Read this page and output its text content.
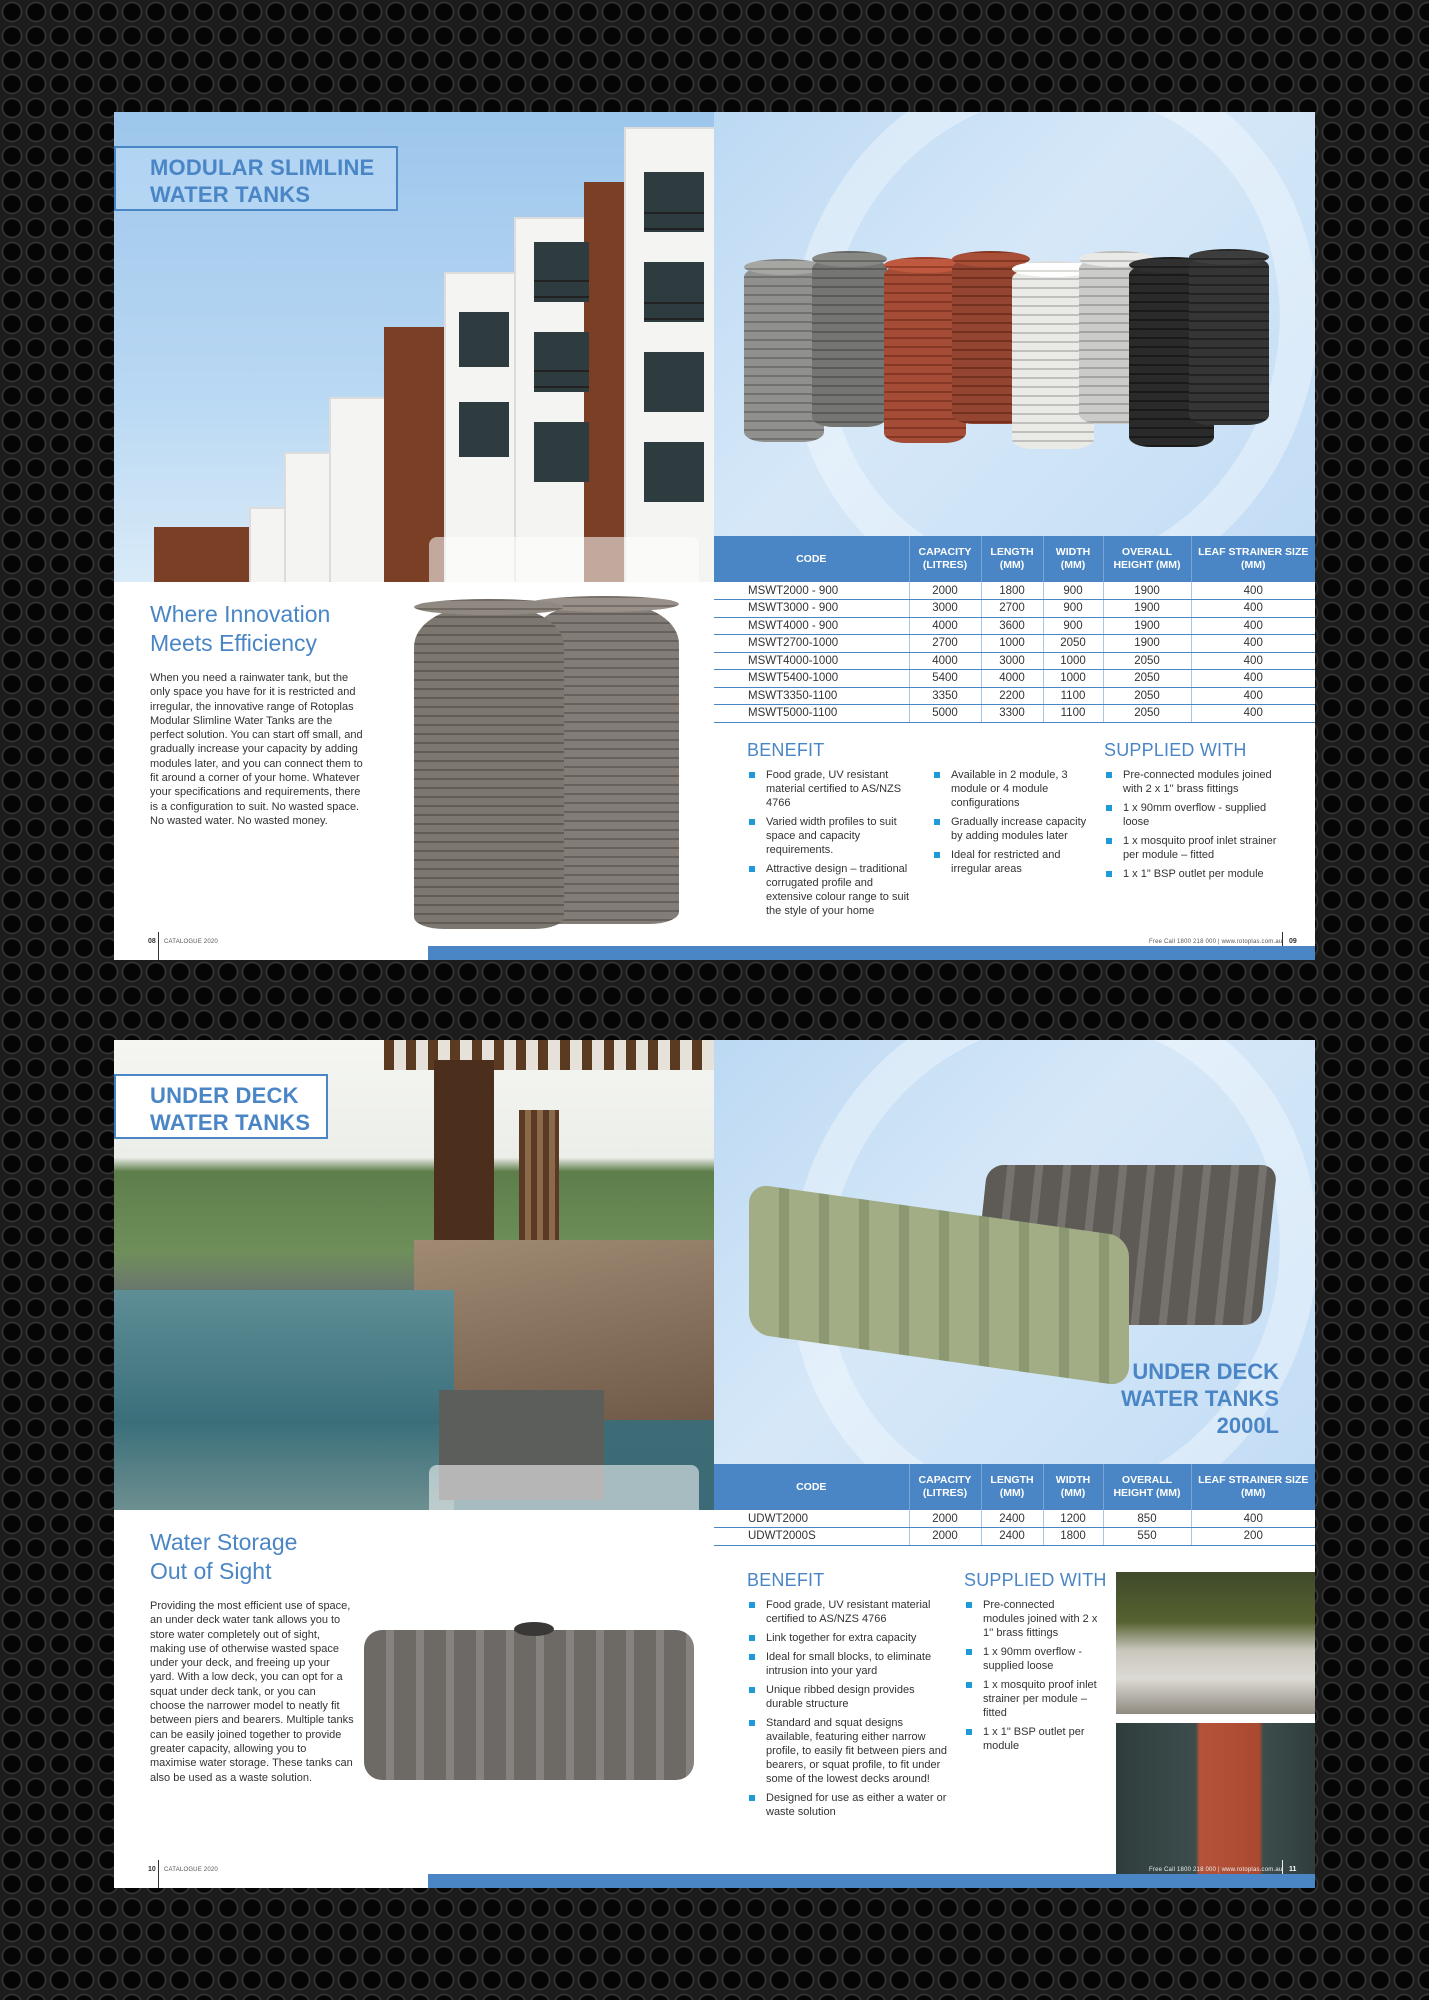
MODULAR SLIMLINE
WATER TANKS
Where Innovation
Meets Efficiency

When you need a rainwater tank, but the only space you have for it is restricted and irregular, the innovative range of Rotoplas Modular Slimline Water Tanks are the perfect solution. You can start off small, and gradually increase your capacity by adding modules later, and you can connect them to fit around a corner of your home. Whatever your specifications and requirements, there is a configuration to suit. No wasted space. No wasted water. No wasted money.

08 CATALOGUE 2020
CODE	CAPACITY (LITRES)	LENGTH (MM)	WIDTH (MM)	OVERALL HEIGHT (MM)	LEAF STRAINER SIZE (MM)
MSWT2000 - 900	2000	1800	900	1900	400
MSWT3000 - 900	3000	2700	900	1900	400
MSWT4000 - 900	4000	3600	900	1900	400
MSWT2700-1000	2700	1000	2050	1900	400
MSWT4000-1000	4000	3000	1000	2050	400
MSWT5400-1000	5400	4000	1000	2050	400
MSWT3350-1100	3350	2200	1100	2050	400
MSWT5000-1100	5000	3300	1100	2050	400
BENEFIT
Food grade, UV resistant material certified to AS/NZS 4766
Varied width profiles to suit space and capacity requirements.
Attractive design – traditional corrugated profile and extensive colour range to suit the style of your home
Available in 2 module, 3 module or 4 module configurations
Gradually increase capacity by adding modules later
Ideal for restricted and irregular areas
SUPPLIED WITH
Pre-connected modules joined with 2 x 1'' brass fittings
1 x 90mm overflow - supplied loose
1 x mosquito proof inlet strainer per module – fitted
1 x 1" BSP outlet per module
Free Call 1800 218 000 | www.rotoplas.com.au 09
UNDER DECK
WATER TANKS
Water Storage
Out of Sight

Providing the most efficient use of space, an under deck water tank allows you to store water completely out of sight, making use of otherwise wasted space under your deck, and freeing up your yard. With a low deck, you can opt for a squat under deck tank, or you can choose the narrower model to neatly fit between piers and bearers. Multiple tanks can be easily joined together to provide greater capacity, allowing you to maximise water storage. These tanks can also be used as a waste solution.

10 CATALOGUE 2020
UNDER DECK
WATER TANKS
2000L
CODE	CAPACITY (LITRES)	LENGTH (MM)	WIDTH (MM)	OVERALL HEIGHT (MM)	LEAF STRAINER SIZE (MM)
UDWT2000	2000	2400	1200	850	400
UDWT2000S	2000	2400	1800	550	200
BENEFIT
Food grade, UV resistant material certified to AS/NZS 4766
Link together for extra capacity
Ideal for small blocks, to eliminate intrusion into your yard
Unique ribbed design provides durable structure
Standard and squat designs available, featuring either narrow profile, to easily fit between piers and bearers, or squat profile, to fit under some of the lowest decks around!
Designed for use as either a water or waste solution
SUPPLIED WITH
Pre-connected modules joined with 2 x 1'' brass fittings
1 x 90mm overflow - supplied loose
1 x mosquito proof inlet strainer per module – fitted
1 x 1" BSP outlet per module
Free Call 1800 218 000 | www.rotoplas.com.au 11
